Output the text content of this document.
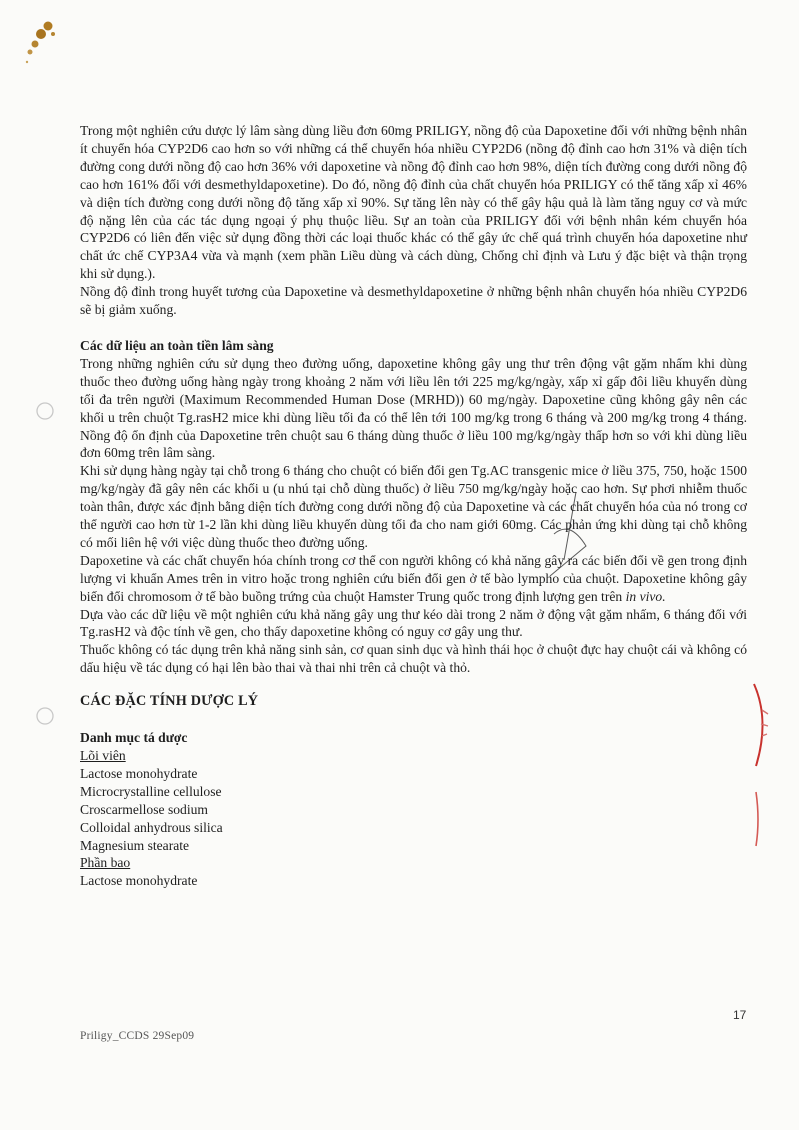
Trong một nghiên cứu dược lý lâm sàng dùng liều đơn 60mg PRILIGY, nồng độ của Dapoxetine đối với những bệnh nhân ít chuyển hóa CYP2D6 cao hơn so với những cá thể chuyển hóa nhiều CYP2D6 (nồng độ đỉnh cao hơn 31% và diện tích đường cong dưới nồng độ cao hơn 36% với dapoxetine và nồng độ đỉnh cao hơn 98%, diện tích đường cong dưới nồng độ cao hơn 161% đối với desmethyldapoxetine). Do đó, nồng độ đỉnh của chất chuyển hóa PRILIGY có thể tăng xấp xỉ 46% và diện tích đường cong dưới nồng độ tăng xấp xỉ 90%. Sự tăng lên này có thể gây hậu quả là làm tăng nguy cơ và mức độ nặng lên của các tác dụng ngoại ý phụ thuộc liều. Sự an toàn của PRILIGY đối với bệnh nhân kém chuyển hóa CYP2D6 có liên đến việc sử dụng đồng thời các loại thuốc khác có thể gây ức chế quá trình chuyển hóa dapoxetine như chất ức chế CYP3A4 vừa và mạnh (xem phần Liều dùng và cách dùng, Chống chỉ định và Lưu ý đặc biệt và thận trọng khi sử dụng.).

Nồng độ đỉnh trong huyết tương của Dapoxetine và desmethyldapoxetine ở những bệnh nhân chuyển hóa nhiều CYP2D6 sẽ bị giảm xuống.

Các dữ liệu an toàn tiền lâm sàng

Trong những nghiên cứu sử dụng theo đường uống, dapoxetine không gây ung thư trên động vật gặm nhấm khi dùng thuốc theo đường uống hàng ngày trong khoảng 2 năm với liều lên tới 225 mg/kg/ngày, xấp xỉ gấp đôi liều khuyến dùng tối đa trên người (Maximum Recommended Human Dose (MRHD)) 60 mg/ngày. Dapoxetine cũng không gây nên các khối u trên chuột Tg.rasH2 mice khi dùng liều tối đa có thể lên tới 100 mg/kg trong 6 tháng và 200 mg/kg trong 4 tháng. Nồng độ ổn định của Dapoxetine trên chuột sau 6 tháng dùng thuốc ở liều 100 mg/kg/ngày thấp hơn so với khi dùng liều đơn 60mg trên lâm sàng.

Khi sử dụng hàng ngày tại chỗ trong 6 tháng cho chuột có biến đổi gen Tg.AC transgenic mice ở liều 375, 750, hoặc 1500 mg/kg/ngày đã gây nên các khối u (u nhú tại chỗ dùng thuốc) ở liều 750 mg/kg/ngày hoặc cao hơn. Sự phơi nhiễm thuốc toàn thân, được xác định bằng diện tích đường cong dưới nồng độ của Dapoxetine và các chất chuyển hóa của nó trong cơ thể người cao hơn từ 1-2 lần khi dùng liều khuyến dùng tối đa cho nam giới 60mg. Các phản ứng khi dùng tại chỗ không có mối liên hệ với việc dùng thuốc theo đường uống.

Dapoxetine và các chất chuyển hóa chính trong cơ thể con người không có khả năng gây ra các biến đổi về gen trong định lượng vi khuẩn Ames trên in vitro hoặc trong nghiên cứu biến đổi gen ở tế bào lympho của chuột. Dapoxetine không gây biến đổi chromosom ở tế bào buồng trứng của chuột Hamster Trung quốc trong định lượng gen trên in vivo.

Dựa vào các dữ liệu về một nghiên cứu khả năng gây ung thư kéo dài trong 2 năm ở động vật gặm nhấm, 6 tháng đối với Tg.rasH2 và độc tính về gen, cho thấy dapoxetine không có nguy cơ gây ung thư.

Thuốc không có tác dụng trên khả năng sinh sản, cơ quan sinh dục và hình thái học ở chuột đực hay chuột cái và không có dấu hiệu về tác dụng có hại lên bào thai và thai nhi trên cả chuột và thỏ.

CÁC ĐẶC TÍNH DƯỢC LÝ

Danh mục tá dược

Lõi viên
Lactose monohydrate
Microcrystalline cellulose
Croscarmellose sodium
Colloidal anhydrous silica
Magnesium stearate
Phần bao
Lactose monohydrate
17
Priligy_CCDS 29Sep09
